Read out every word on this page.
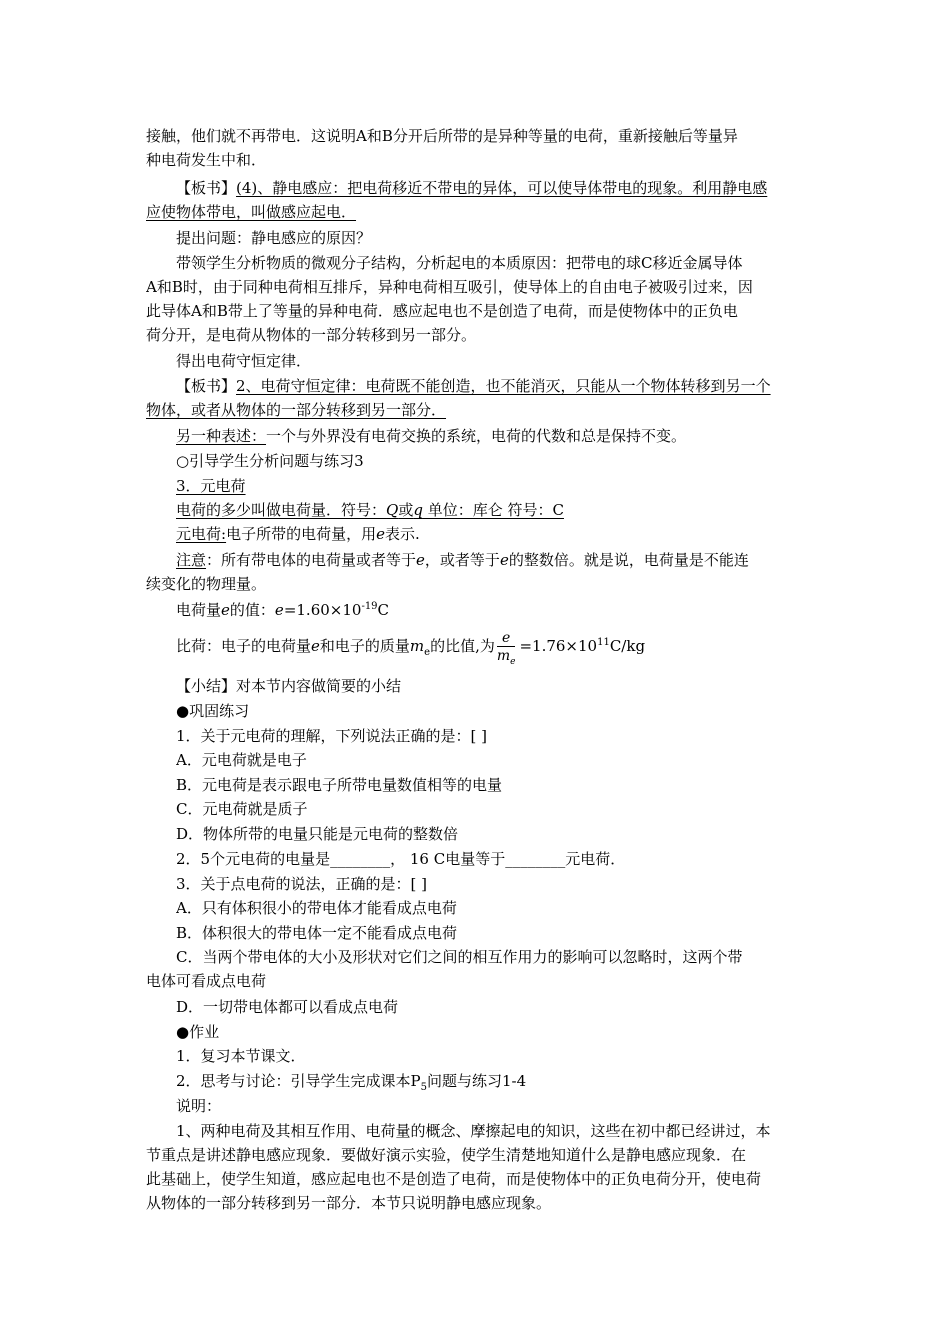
接触，他们就不再带电．这说明A和B分开后所带的是异种等量的电荷，重新接触后等量异
种电荷发生中和．
【板书】(4)、静电感应：把电荷移近不带电的异体，可以使导体带电的现象。利用静电感
应使物体带电，叫做感应起电．
提出问题：静电感应的原因？
带领学生分析物质的微观分子结构，分析起电的本质原因：把带电的球C移近金属导体
A和B时，由于同种电荷相互排斥，异种电荷相互吸引，使导体上的自由电子被吸引过来，因
此导体A和B带上了等量的异种电荷．感应起电也不是创造了电荷，而是使物体中的正负电
荷分开，是电荷从物体的一部分转移到另一部分。
得出电荷守恒定律．
【板书】2、电荷守恒定律：电荷既不能创造，也不能消灭，只能从一个物体转移到另一个
物体，或者从物体的一部分转移到另一部分．
另一种表述：一个与外界没有电荷交换的系统，电荷的代数和总是保持不变。
○引导学生分析问题与练习3
3．元电荷
电荷的多少叫做电荷量．符号：Q或q 单位：库仑 符号：C
元电荷:电子所带的电荷量，用e表示.
注意：所有带电体的电荷量或者等于e，或者等于e的整数倍。就是说，电荷量是不能连
续变化的物理量。
电荷量e的值：$e=1.60\times 10^{-19}C$
比荷：电子的电荷量e和电子的质量$m_e$的比值,为 $\frac{e}{m_e} =1.76\times 10^{11}C/kg$
【小结】对本节内容做简要的小结
●巩固练习
1．关于元电荷的理解，下列说法正确的是：[ ]
A．元电荷就是电子
B．元电荷是表示跟电子所带电量数值相等的电量
C．元电荷就是质子
D．物体所带的电量只能是元电荷的整数倍
2．5个元电荷的电量是________， 16 C电量等于________元电荷．
3．关于点电荷的说法，正确的是：[ ]
A．只有体积很小的带电体才能看成点电荷
B．体积很大的带电体一定不能看成点电荷
C．当两个带电体的大小及形状对它们之间的相互作用力的影响可以忽略时，这两个带
电体可看成点电荷
D．一切带电体都可以看成点电荷
●作业
1．复习本节课文．
2．思考与讨论：引导学生完成课本$P_5$问题与练习1-4
说明：
1、两种电荷及其相互作用、电荷量的概念、摩擦起电的知识，这些在初中都已经讲过，本
节重点是讲述静电感应现象．要做好演示实验，使学生清楚地知道什么是静电感应现象．在
此基础上，使学生知道，感应起电也不是创造了电荷，而是使物体中的正负电荷分开，使电荷
从物体的一部分转移到另一部分．本节只说明静电感应现象。
